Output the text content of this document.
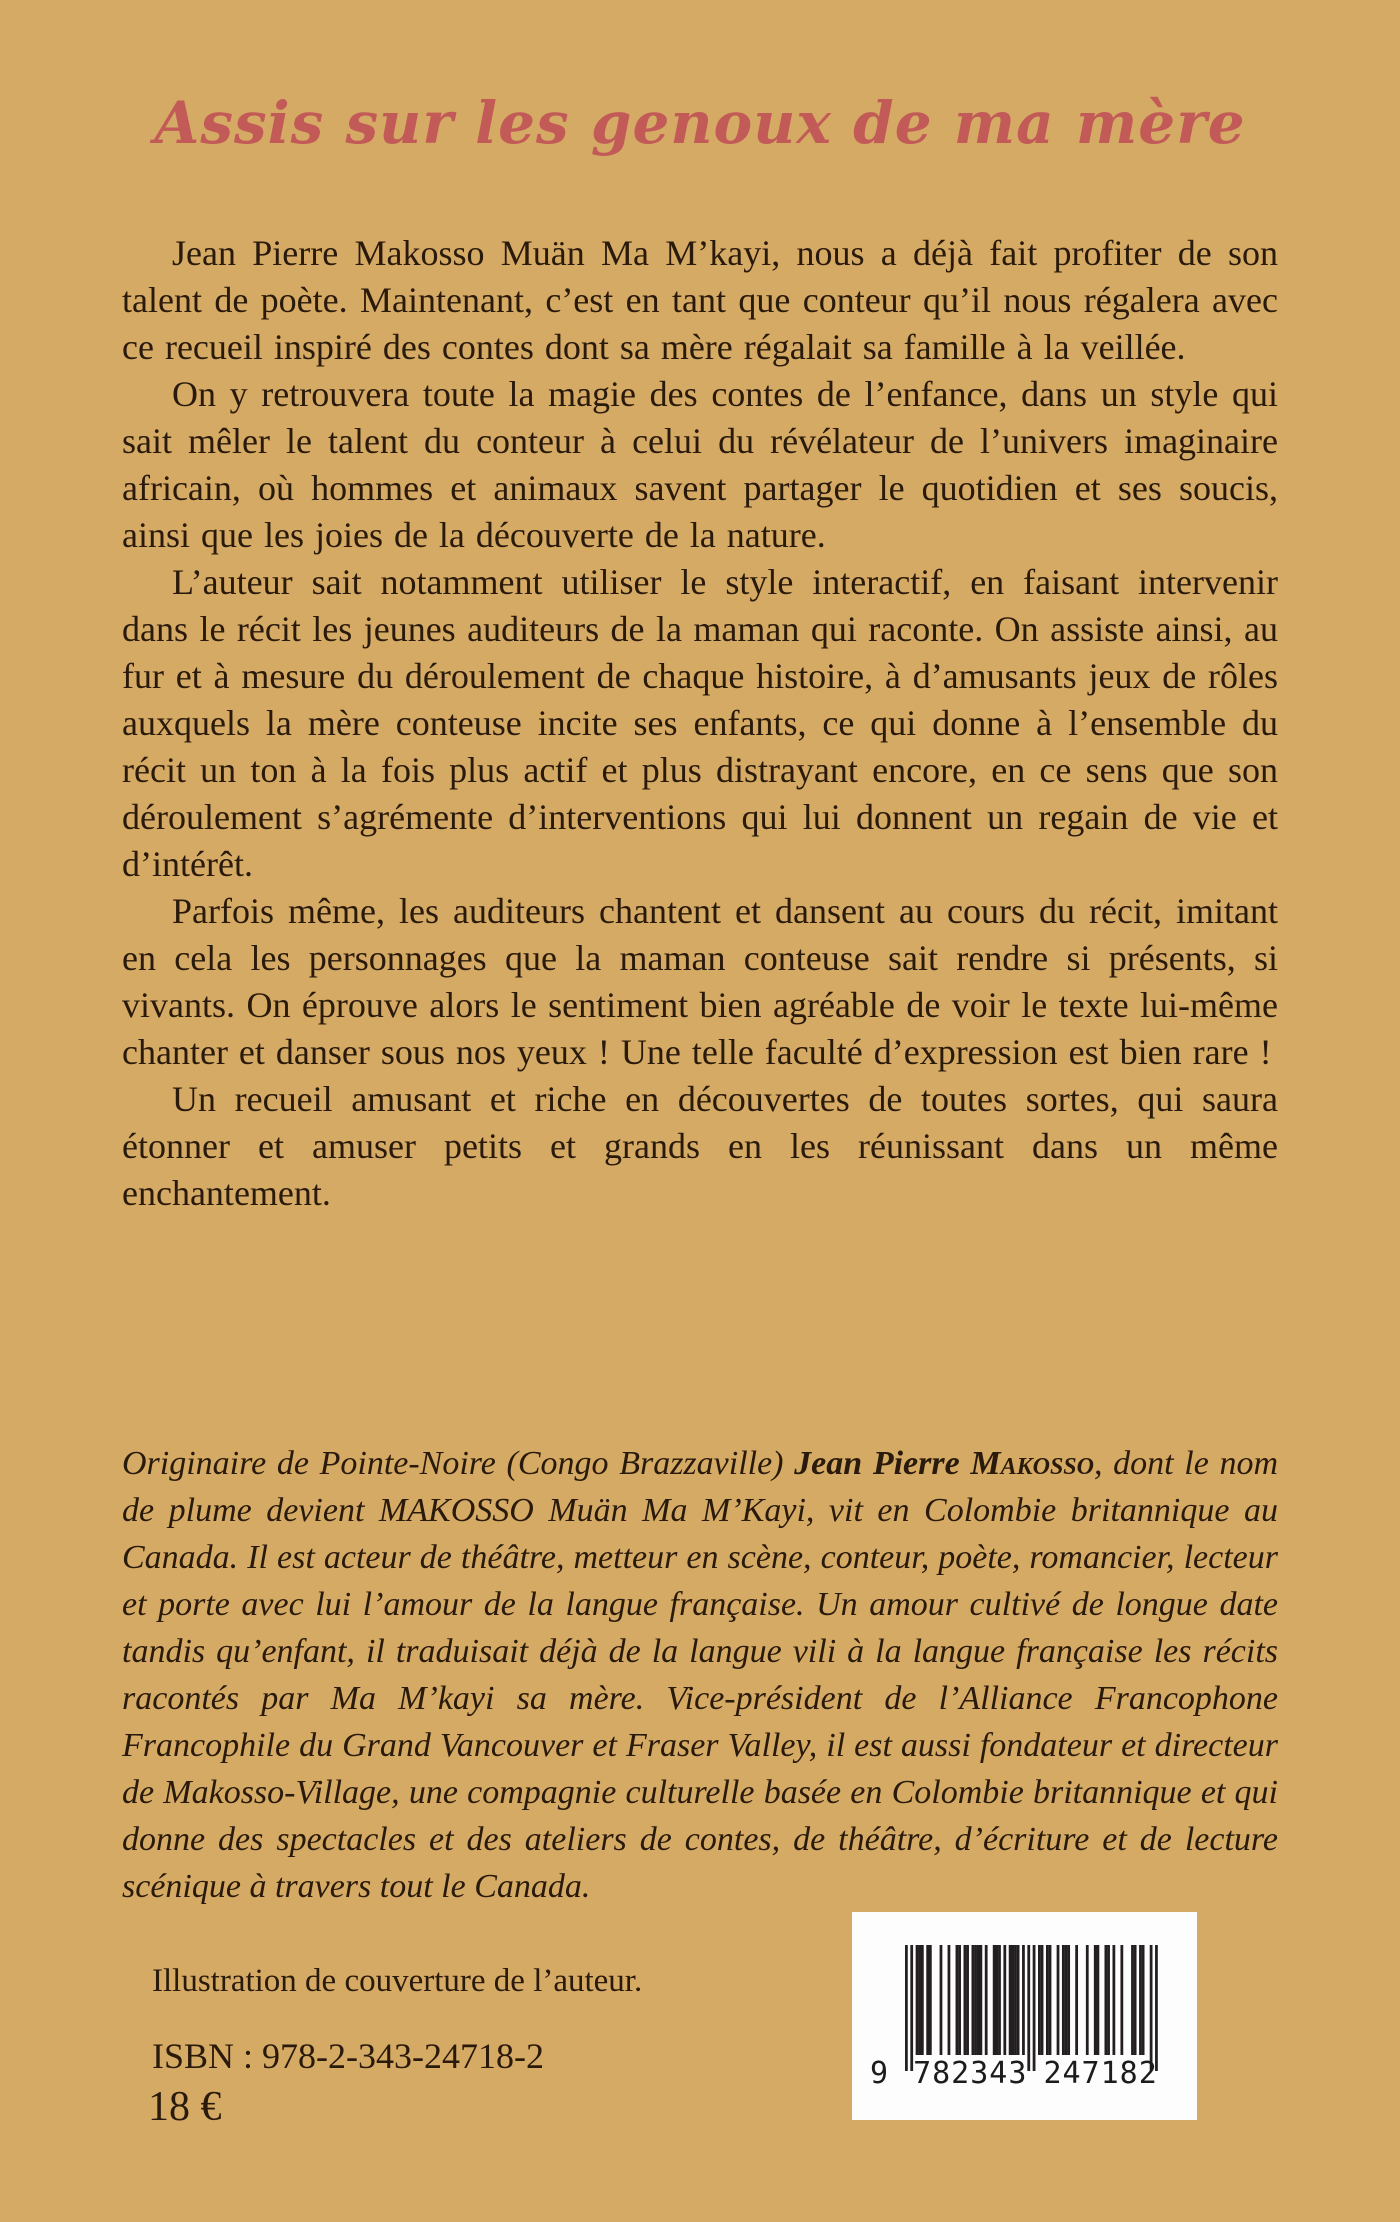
Assis sur les genoux de ma mère

Jean Pierre Makosso Muän Ma M’kayi, nous a déjà fait profiter de son talent de poète. Maintenant, c’est en tant que conteur qu’il nous régalera avec ce recueil inspiré des contes dont sa mère régalait sa famille à la veillée.

On y retrouvera toute la magie des contes de l’enfance, dans un style qui sait mêler le talent du conteur à celui du révélateur de l’univers imaginaire africain, où hommes et animaux savent partager le quotidien et ses soucis, ainsi que les joies de la découverte de la nature.

L’auteur sait notamment utiliser le style interactif, en faisant intervenir dans le récit les jeunes auditeurs de la maman qui raconte. On assiste ainsi, au fur et à mesure du déroulement de chaque histoire, à d’amusants jeux de rôles auxquels la mère conteuse incite ses enfants, ce qui donne à l’ensemble du récit un ton à la fois plus actif et plus distrayant encore, en ce sens que son déroulement s’agrémente d’interventions qui lui donnent un regain de vie et d’intérêt.

Parfois même, les auditeurs chantent et dansent au cours du récit, imitant en cela les personnages que la maman conteuse sait rendre si présents, si vivants. On éprouve alors le sentiment bien agréable de voir le texte lui-même chanter et danser sous nos yeux ! Une telle faculté d’expression est bien rare !

Un recueil amusant et riche en découvertes de toutes sortes, qui saura étonner et amuser petits et grands en les réunissant dans un même enchantement.

Originaire de Pointe-Noire (Congo Brazzaville) Jean Pierre Makosso, dont le nom de plume devient MAKOSSO Muän Ma M’Kayi, vit en Colombie britannique au Canada. Il est acteur de théâtre, metteur en scène, conteur, poète, romancier, lecteur et porte avec lui l’amour de la langue française. Un amour cultivé de longue date tandis qu’enfant, il traduisait déjà de la langue vili à la langue française les récits racontés par Ma M’kayi sa mère. Vice-président de l’Alliance Francophone Francophile du Grand Vancouver et Fraser Valley, il est aussi fondateur et directeur de Makosso-Village, une compagnie culturelle basée en Colombie britannique et qui donne des spectacles et des ateliers de contes, de théâtre, d’écriture et de lecture scénique à travers tout le Canada.

Illustration de couverture de l’auteur.
ISBN : 978-2-343-24718-2
18 €
9 782343 247182
